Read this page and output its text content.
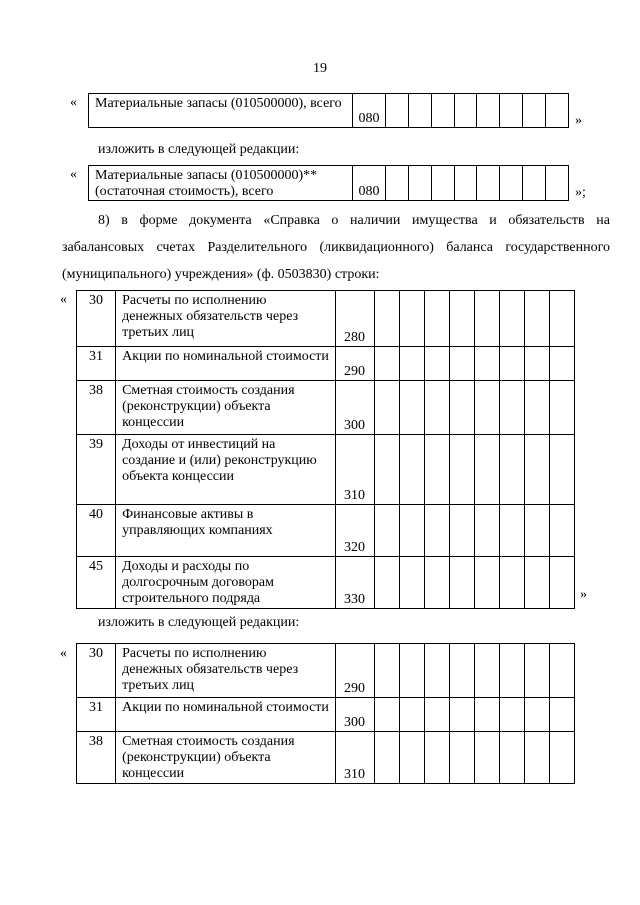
19
« Материальные запасы (010500000), всего	080									»
изложить в следующей редакции:
« Материальные запасы (010500000)** (остаточная стоимость), всего	080									»;
8) в форме документа «Справка о наличии имущества и обязательств на забалансовых счетах Разделительного (ликвидационного) баланса государственного (муниципального) учреждения» (ф. 0503830) строки:
« 30	Расчеты по исполнению денежных обязательств через третьих лиц	280								
31	Акции по номинальной стоимости	290								
38	Сметная стоимость создания (реконструкции) объекта концессии	300								
39	Доходы от инвестиций на создание и (или) реконструкцию объекта концессии	310								
40	Финансовые активы в управляющих компаниях	320								
45	Доходы и расходы по долгосрочным договорам строительного подряда	330									»
изложить в следующей редакции:
« 30	Расчеты по исполнению денежных обязательств через третьих лиц	290								
31	Акции по номинальной стоимости	300								
38	Сметная стоимость создания (реконструкции) объекта концессии	310								
